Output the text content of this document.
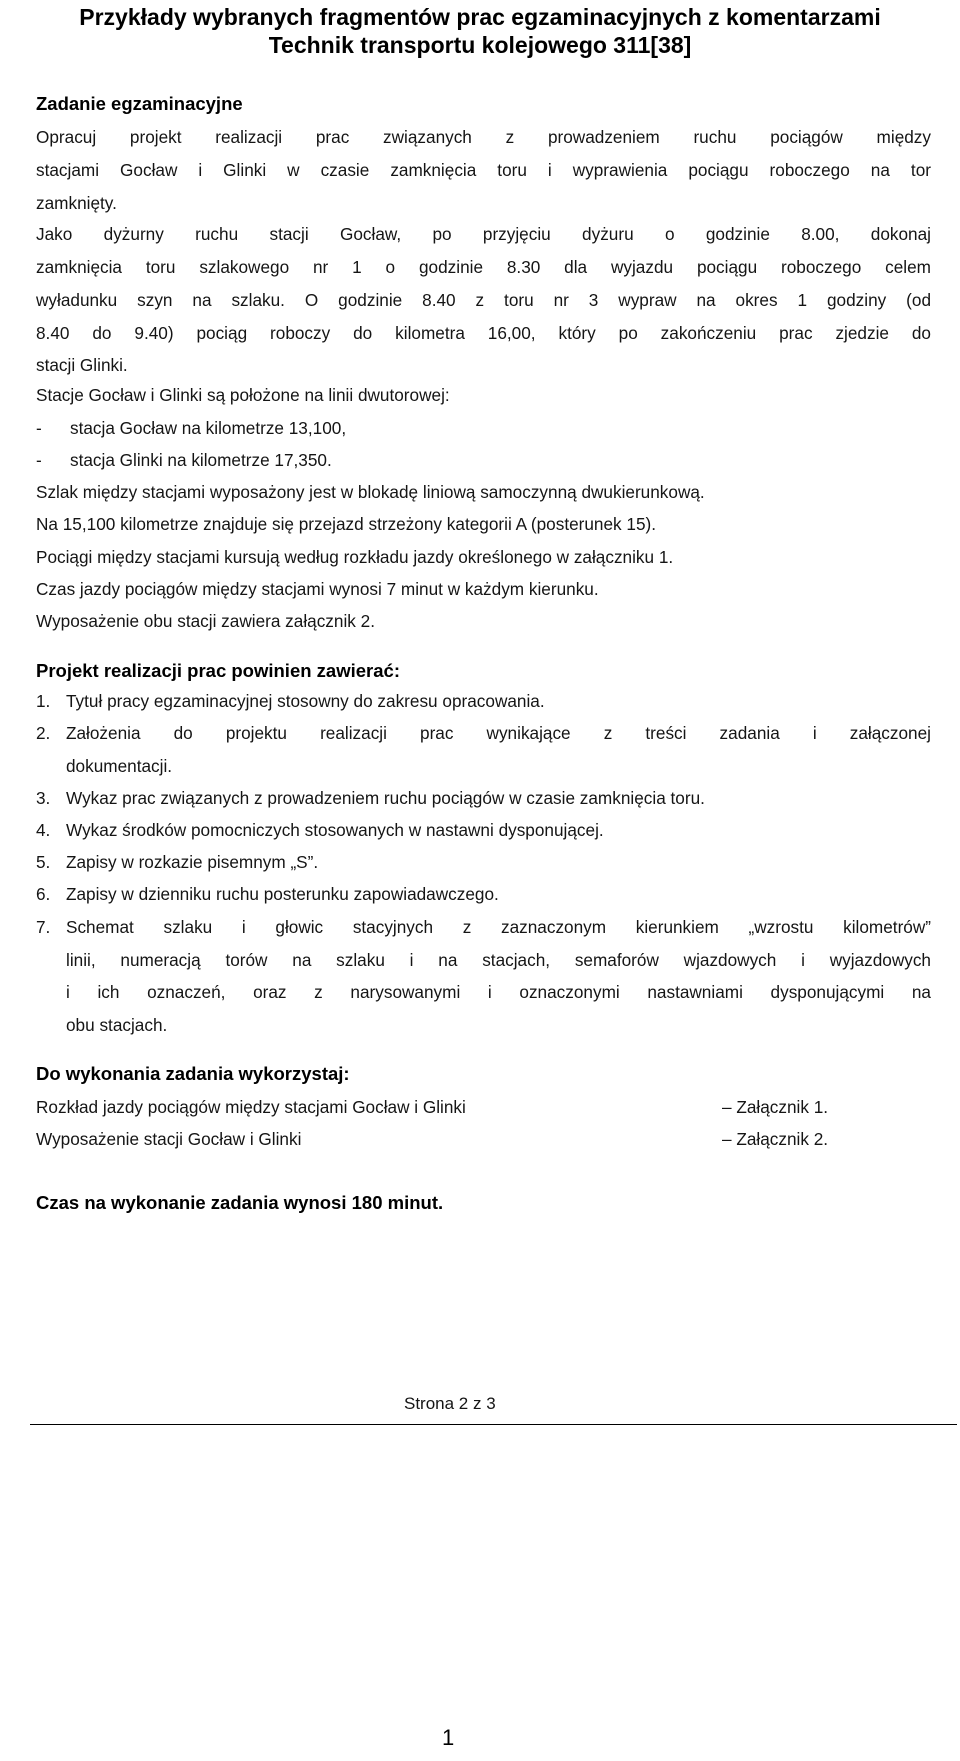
Przykłady wybranych fragmentów prac egzaminacyjnych z komentarzami
Technik transportu kolejowego 311[38]
Zadanie egzaminacyjne
Opracuj projekt realizacji prac związanych z prowadzeniem ruchu pociągów między
stacjami Gocław i Glinki w czasie zamknięcia toru i wyprawienia pociągu roboczego na tor
zamknięty.
Jako dyżurny ruchu stacji Gocław, po przyjęciu dyżuru o godzinie 8.00, dokonaj
zamknięcia toru szlakowego nr 1 o godzinie 8.30 dla wyjazdu pociągu roboczego celem
wyładunku szyn na szlaku. O godzinie 8.40 z toru nr 3 wypraw na okres 1 godziny (od
8.40 do 9.40) pociąg roboczy do kilometra 16,00, który po zakończeniu prac zjedzie do
stacji Glinki.
Stacje Gocław i Glinki są położone na linii dwutorowej:
- stacja Gocław na kilometrze 13,100,
- stacja Glinki na kilometrze 17,350.
Szlak między stacjami wyposażony jest w blokadę liniową samoczynną dwukierunkową.
Na 15,100 kilometrze znajduje się przejazd strzeżony kategorii A (posterunek 15).
Pociągi między stacjami kursują według rozkładu jazdy określonego w załączniku 1.
Czas jazdy pociągów między stacjami wynosi 7 minut w każdym kierunku.
Wyposażenie obu stacji zawiera załącznik 2.
Projekt realizacji prac powinien zawierać:
1. Tytuł pracy egzaminacyjnej stosowny do zakresu opracowania.
2. Założenia do projektu realizacji prac wynikające z treści zadania i załączonej
dokumentacji.
3. Wykaz prac związanych z prowadzeniem ruchu pociągów w czasie zamknięcia toru.
4. Wykaz środków pomocniczych stosowanych w nastawni dysponującej.
5. Zapisy w rozkazie pisemnym „S”.
6. Zapisy w dzienniku ruchu posterunku zapowiadawczego.
7. Schemat szlaku i głowic stacyjnych z zaznaczonym kierunkiem „wzrostu kilometrów”
linii, numeracją torów na szlaku i na stacjach, semaforów wjazdowych i wyjazdowych
i ich oznaczeń, oraz z narysowanymi i oznaczonymi nastawniami dysponującymi na
obu stacjach.
Do wykonania zadania wykorzystaj:
Rozkład jazdy pociągów między stacjami Gocław i Glinki	– Załącznik 1.
Wyposażenie stacji Gocław i Glinki	– Załącznik 2.
Czas na wykonanie zadania wynosi 180 minut.
Strona 2 z 3
1
